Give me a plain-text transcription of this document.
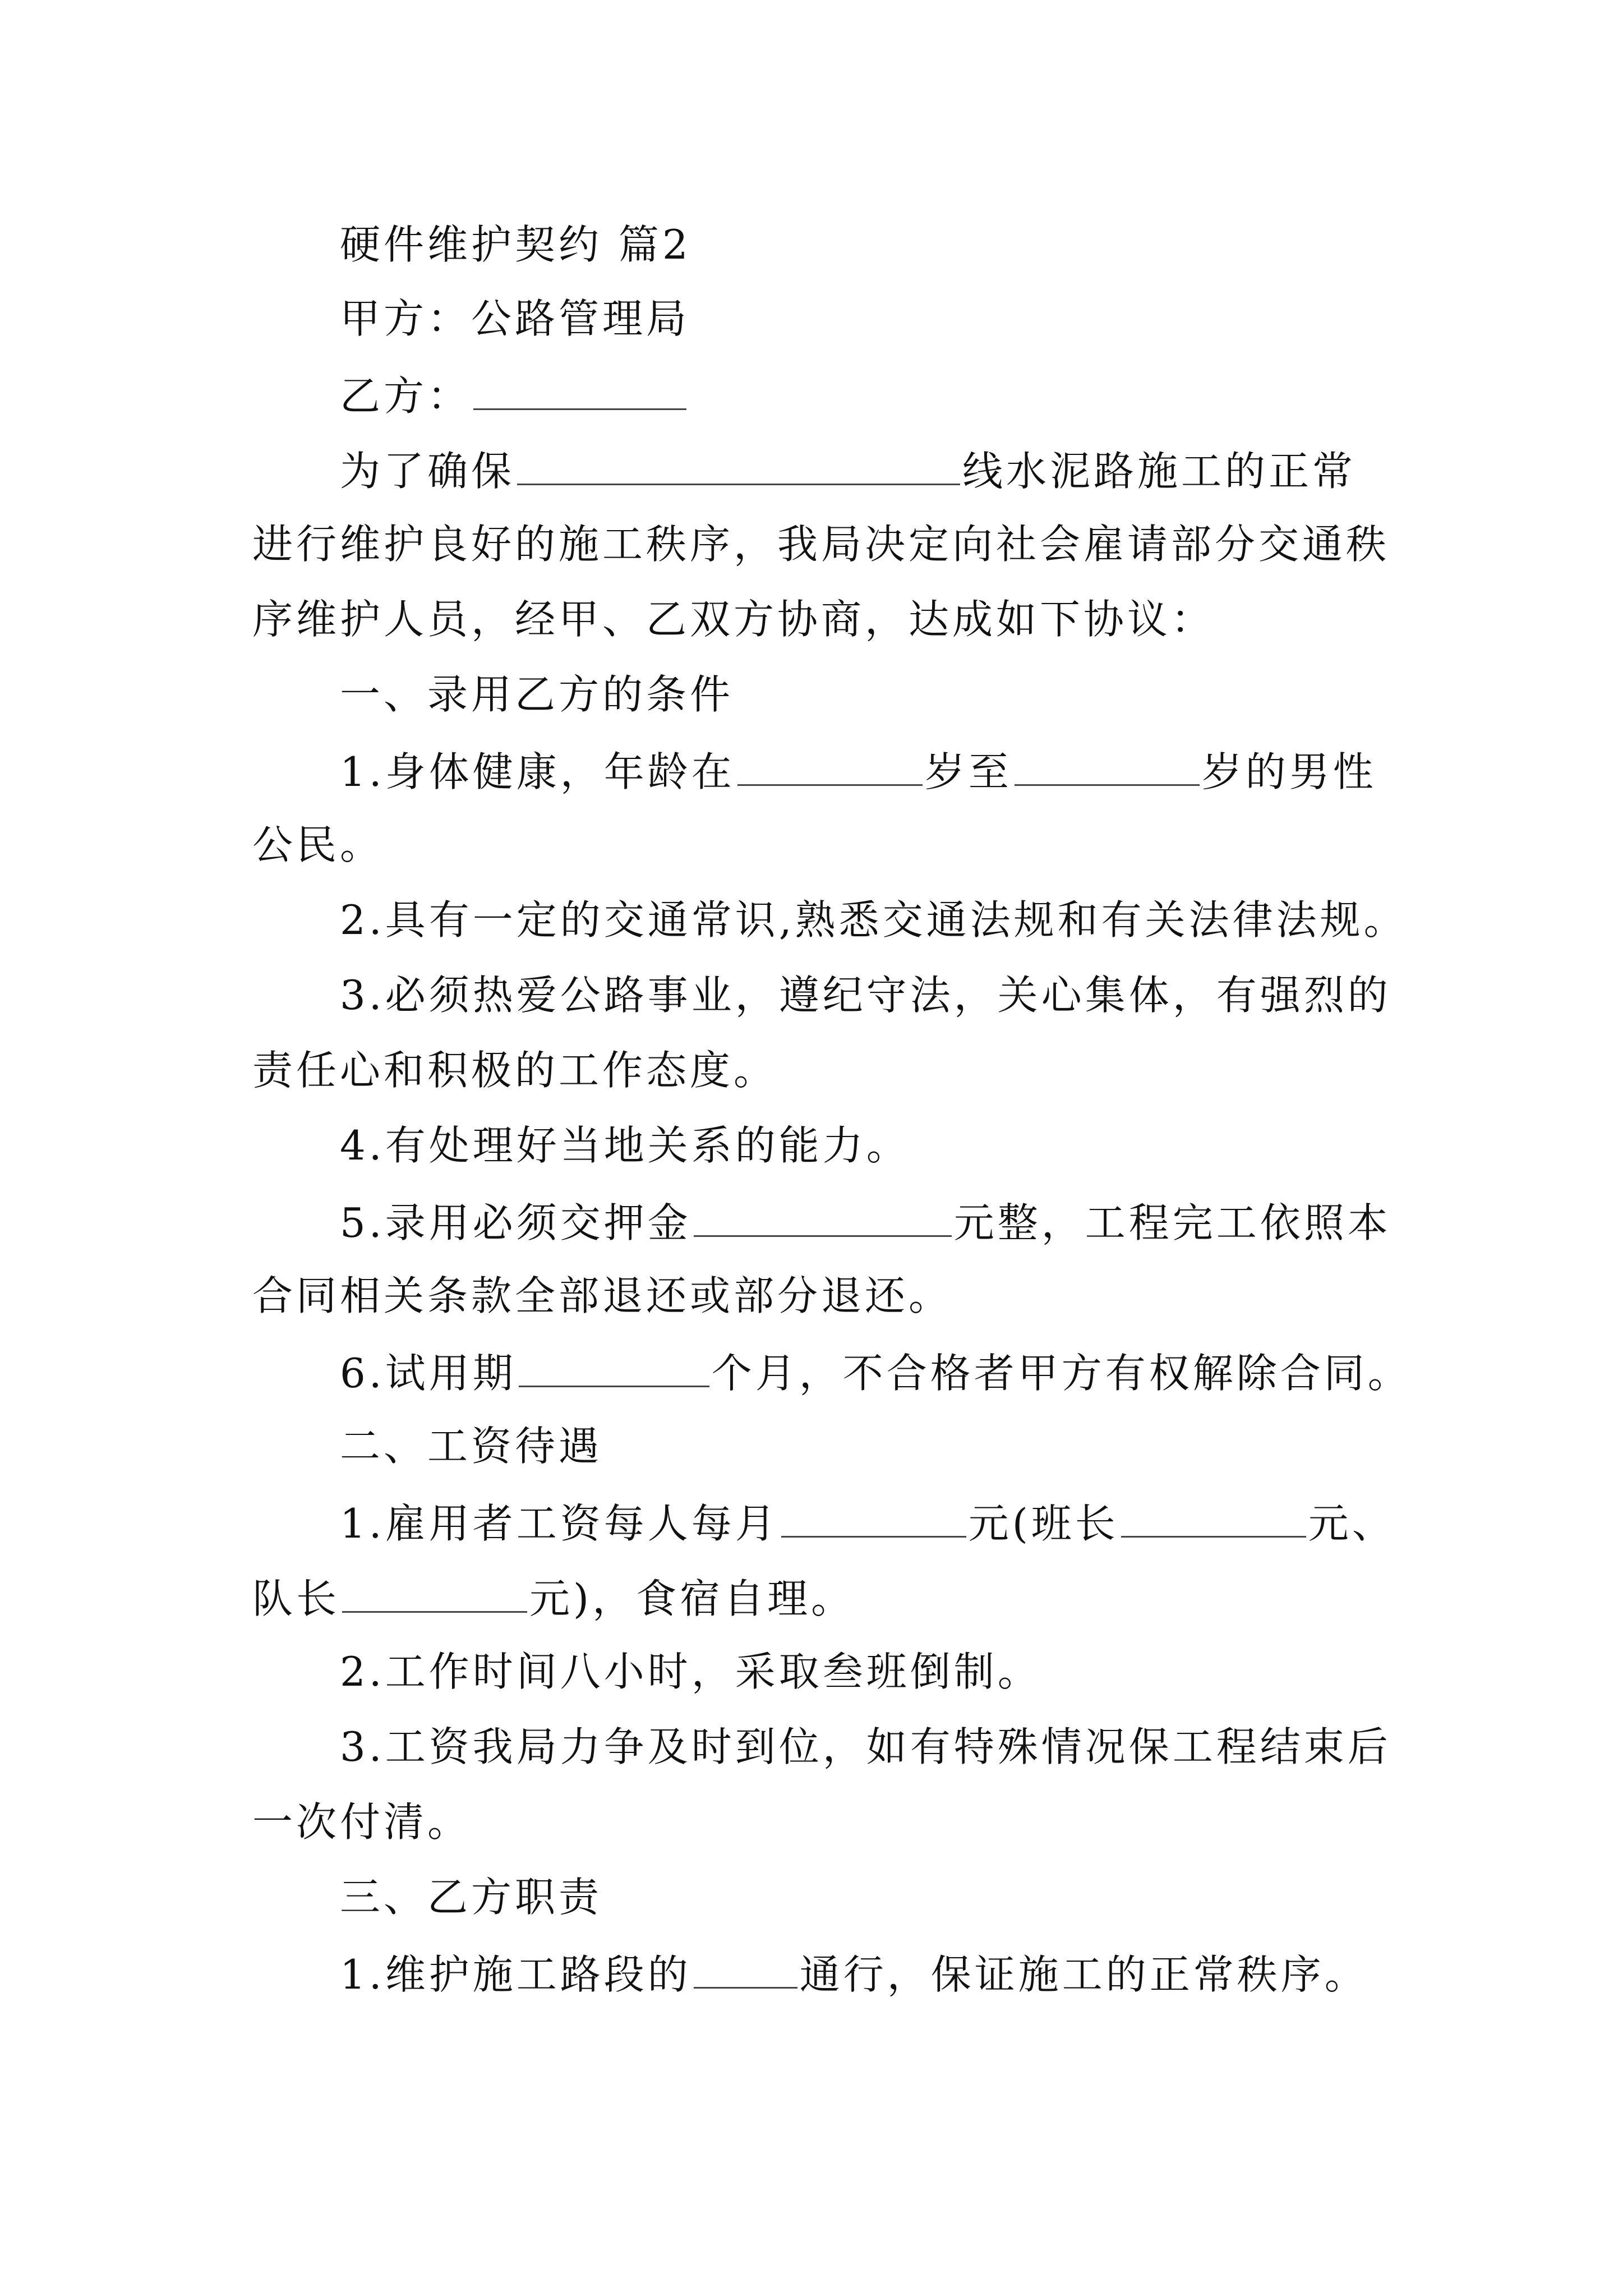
硬件维护契约 篇2
甲方：公路管理局
乙方：
为了确保	线水泥路施工的正常
进行维护良好的施工秩序，我局决定向社会雇请部分交通秩
序维护人员，经甲、乙双方协商，达成如下协议：
一、录用乙方的条件
1.身体健康，年龄在	岁至	岁的男性
公民。
2.具有一定的交通常识,熟悉交通法规和有关法律法规。
3.必须热爱公路事业，遵纪守法，关心集体，有强烈的
责任心和积极的工作态度。
4.有处理好当地关系的能力。
5.录用必须交押金	元整，工程完工依照本
合同相关条款全部退还或部分退还。
6.试用期	个月，不合格者甲方有权解除合同。
二、工资待遇
1.雇用者工资每人每月	元(班长	元、
队长	元)，食宿自理。
2.工作时间八小时，采取叁班倒制。
3.工资我局力争及时到位，如有特殊情况保工程结束后
一次付清。
三、乙方职责
1.维护施工路段的	通行，保证施工的正常秩序。
